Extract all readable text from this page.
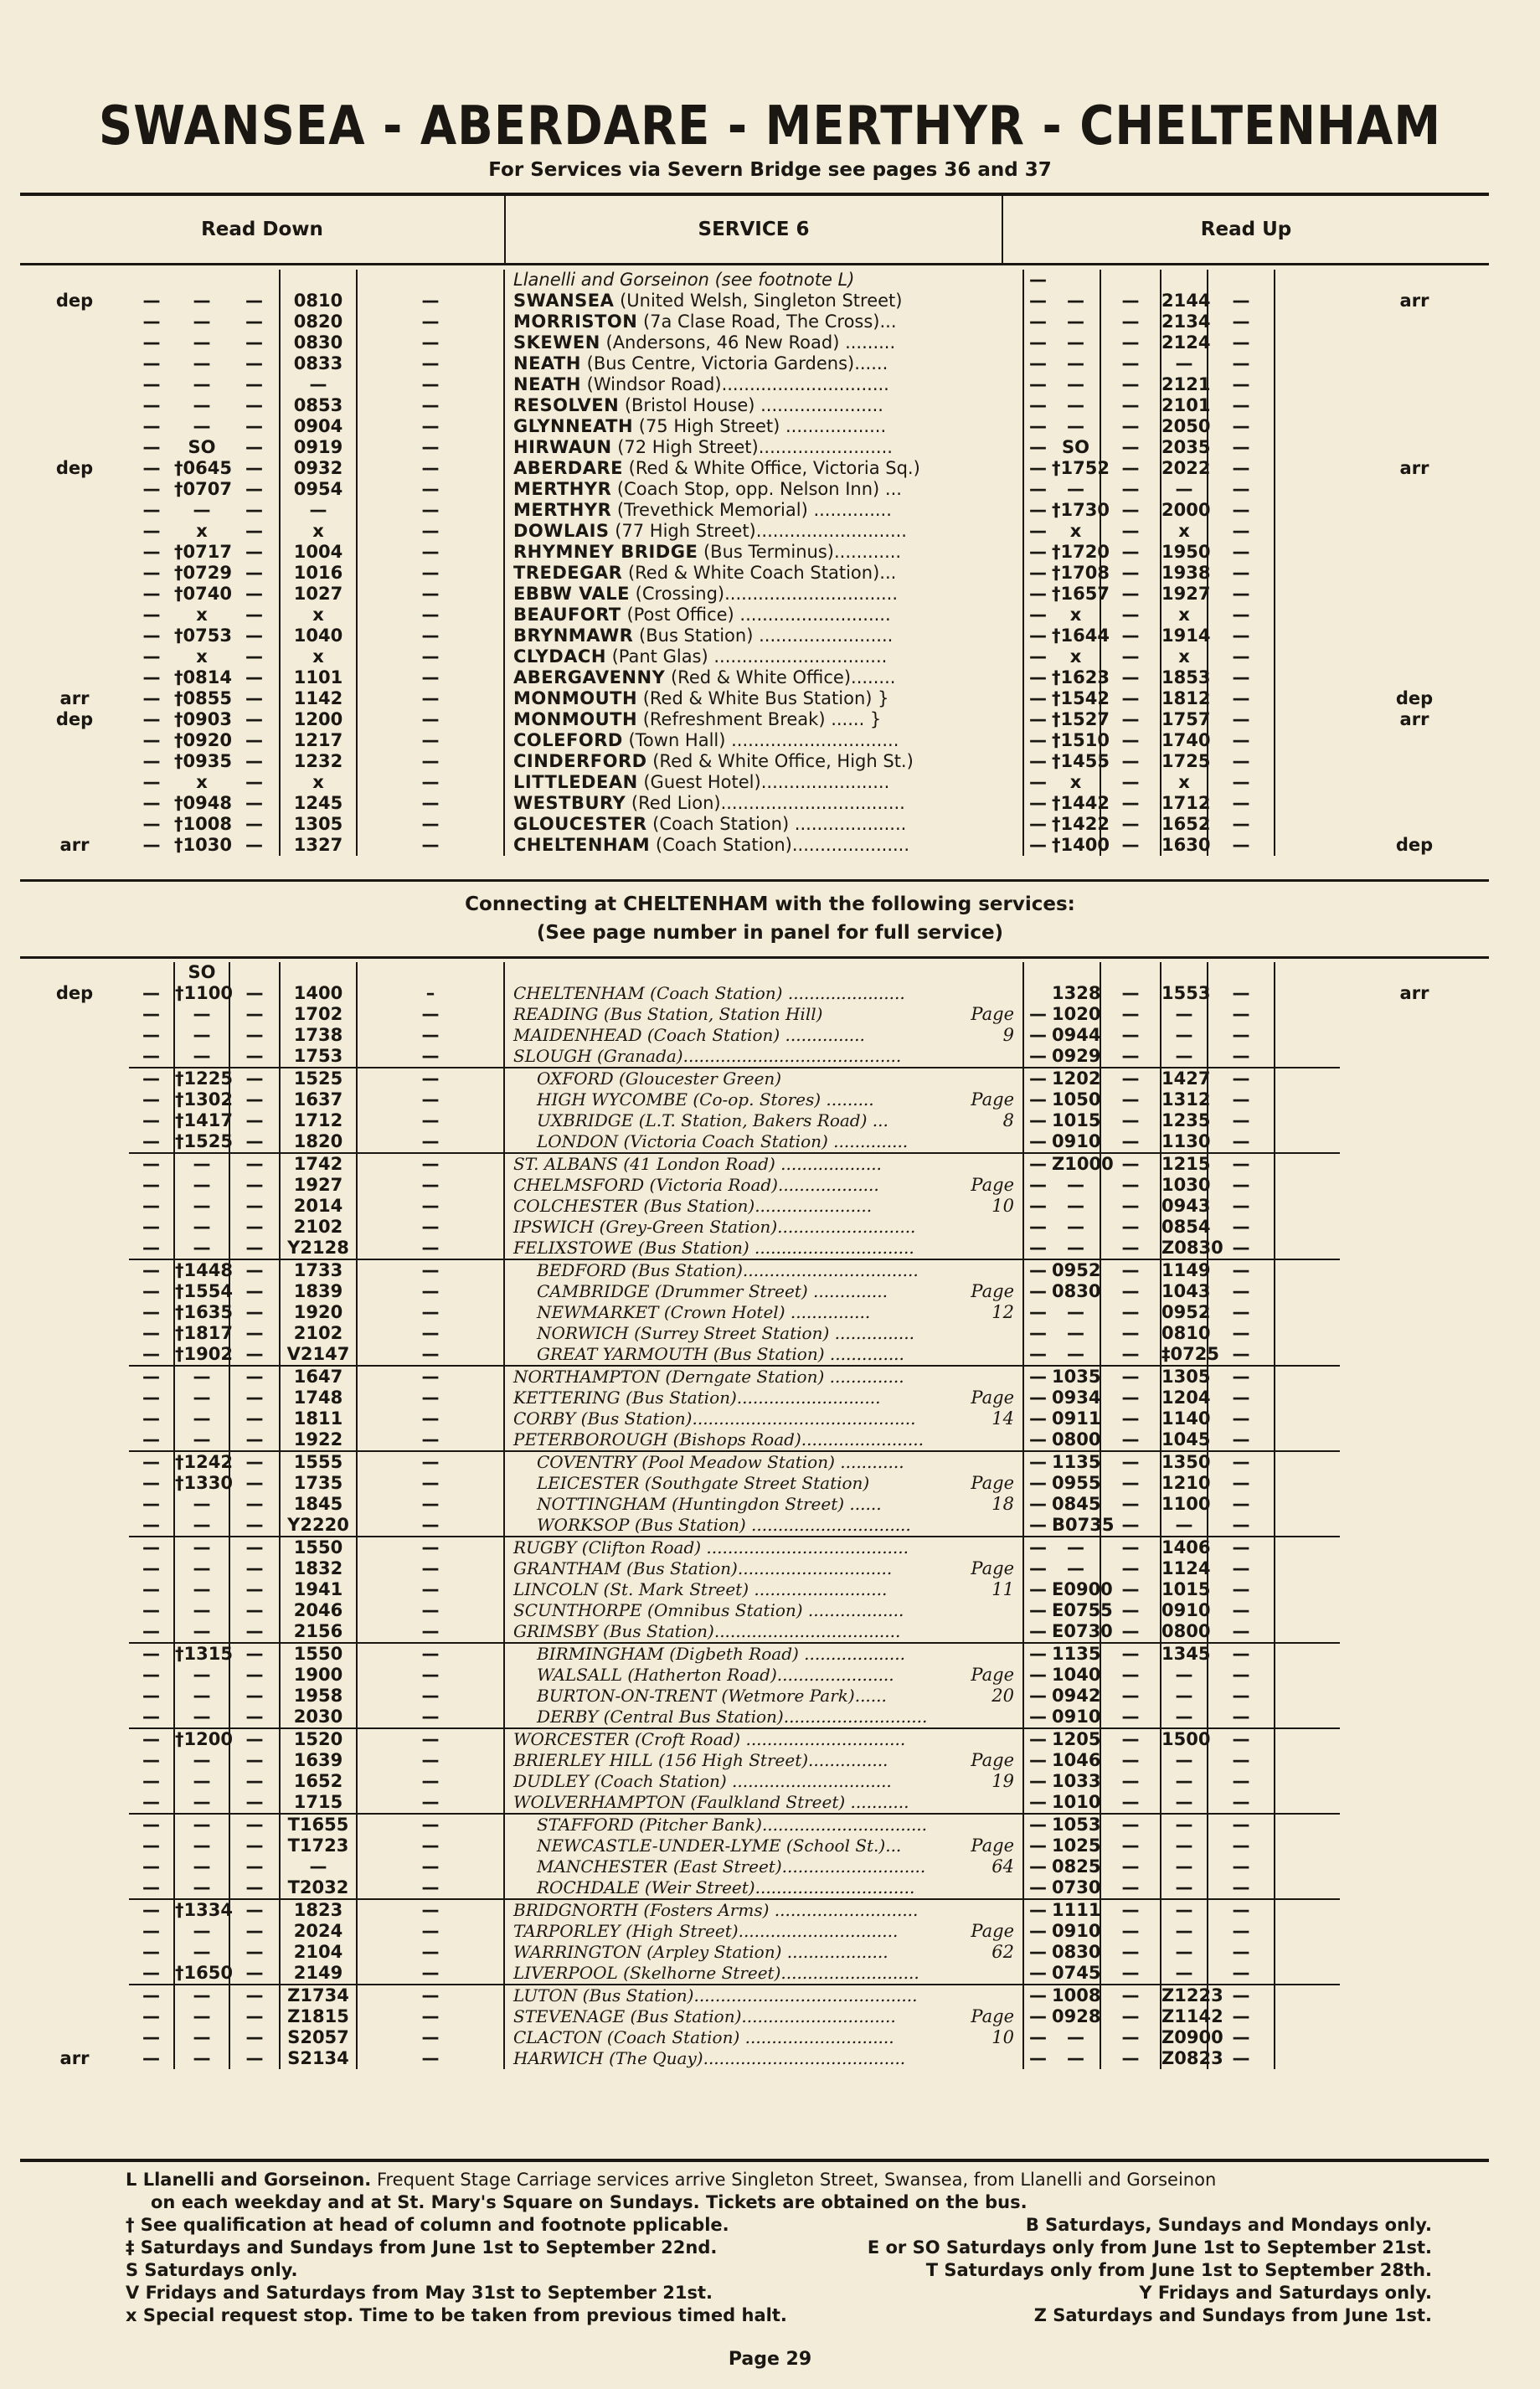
SWANSEA - ABERDARE - MERTHYR - CHELTENHAM
For Services via Severn Bridge see pages 36 and 37
Read Down	SERVICE 6	Read Up
						Llanelli and Gorseinon (see footnote L)	—						
dep	—	—	—	0810	—	SWANSEA (United Welsh, Singleton Street)	—	—	—	2144	—		arr
	—	—	—	0820	—	MORRISTON (7a Clase Road, The Cross)...	—	—	—	2134	—		
	—	—	—	0830	—	SKEWEN (Andersons, 46 New Road) .........	—	—	—	2124	—		
	—	—	—	0833	—	NEATH (Bus Centre, Victoria Gardens)......	—	—	—	—	—		
	—	—	—	—	—	NEATH (Windsor Road)..............................	—	—	—	2121	—		
	—	—	—	0853	—	RESOLVEN (Bristol House) ......................	—	—	—	2101	—		
	—	—	—	0904	—	GLYNNEATH (75 High Street) ..................	—	—	—	2050	—		
	—	SO	—	0919	—	HIRWAUN (72 High Street)........................	—	SO	—	2035	—		
dep	—	†0645	—	0932	—	ABERDARE (Red & White Office, Victoria Sq.)	—	†1752	—	2022	—		arr
	—	†0707	—	0954	—	MERTHYR (Coach Stop, opp. Nelson Inn) ...	—	—	—	—	—		
	—	—	—	—	—	MERTHYR (Trevethick Memorial) ..............	—	†1730	—	2000	—		
	—	x	—	x	—	DOWLAIS (77 High Street)...........................	—	x	—	x	—		
	—	†0717	—	1004	—	RHYMNEY BRIDGE (Bus Terminus)............	—	†1720	—	1950	—		
	—	†0729	—	1016	—	TREDEGAR (Red & White Coach Station)...	—	†1708	—	1938	—		
	—	†0740	—	1027	—	EBBW VALE (Crossing)...............................	—	†1657	—	1927	—		
	—	x	—	x	—	BEAUFORT (Post Office) ...........................	—	x	—	x	—		
	—	†0753	—	1040	—	BRYNMAWR (Bus Station) ........................	—	†1644	—	1914	—		
	—	x	—	x	—	CLYDACH (Pant Glas) ...............................	—	x	—	x	—		
	—	†0814	—	1101	—	ABERGAVENNY (Red & White Office)........	—	†1623	—	1853	—		
arr	—	†0855	—	1142	—	MONMOUTH (Red & White Bus Station) }	—	†1542	—	1812	—		dep
dep	—	†0903	—	1200	—	MONMOUTH (Refreshment Break) ...... }	—	†1527	—	1757	—		arr
	—	†0920	—	1217	—	COLEFORD (Town Hall) ..............................	—	†1510	—	1740	—		
	—	†0935	—	1232	—	CINDERFORD (Red & White Office, High St.)	—	†1455	—	1725	—		
	—	x	—	x	—	LITTLEDEAN (Guest Hotel).......................	—	x	—	x	—		
	—	†0948	—	1245	—	WESTBURY (Red Lion).................................	—	†1442	—	1712	—		
	—	†1008	—	1305	—	GLOUCESTER (Coach Station) ....................	—	†1422	—	1652	—		
arr	—	†1030	—	1327	—	CHELTENHAM (Coach Station).....................	—	†1400	—	1630	—		dep
Connecting at CHELTENHAM with the following services:
(See page number in panel for full service)
		SO												
dep	—	†1100	—	1400	–	CHELTENHAM (Coach Station) ......................			1328	—	1553	—		arr
	—	—	—	1702	—	READING (Bus Station, Station Hill)	Page	—	1020	—	—	—		
	—	—	—	1738	—	MAIDENHEAD (Coach Station) ...............	9	—	0944	—	—	—		
	—	—	—	1753	—	SLOUGH (Granada).........................................		—	0929	—	—	—		
	—	†1225	—	1525	—	OXFORD (Gloucester Green)		—	1202	—	1427	—		
	—	†1302	—	1637	—	HIGH WYCOMBE (Co-op. Stores) .........	Page	—	1050	—	1312	—		
	—	†1417	—	1712	—	UXBRIDGE (L.T. Station, Bakers Road) ...	8	—	1015	—	1235	—		
	—	†1525	—	1820	—	LONDON (Victoria Coach Station) ..............		—	0910	—	1130	—		
	—	—	—	1742	—	ST. ALBANS (41 London Road) ...................		—	Z1000	—	1215	—		
	—	—	—	1927	—	CHELMSFORD (Victoria Road)...................	Page	—	—	—	1030	—		
	—	—	—	2014	—	COLCHESTER (Bus Station)......................	10	—	—	—	0943	—		
	—	—	—	2102	—	IPSWICH (Grey-Green Station)..........................		—	—	—	0854	—		
	—	—	—	Y2128	—	FELIXSTOWE (Bus Station) ..............................		—	—	—	Z0830	—		
	—	†1448	—	1733	—	BEDFORD (Bus Station).................................		—	0952	—	1149	—		
	—	†1554	—	1839	—	CAMBRIDGE (Drummer Street) ..............	Page	—	0830	—	1043	—		
	—	†1635	—	1920	—	NEWMARKET (Crown Hotel) ...............	12	—	—	—	0952	—		
	—	†1817	—	2102	—	NORWICH (Surrey Street Station) ...............		—	—	—	0810	—		
	—	†1902	—	V2147	—	GREAT YARMOUTH (Bus Station) ..............		—	—	—	‡0725	—		
	—	—	—	1647	—	NORTHAMPTON (Derngate Station) ..............		—	1035	—	1305	—		
	—	—	—	1748	—	KETTERING (Bus Station)...........................	Page	—	0934	—	1204	—		
	—	—	—	1811	—	CORBY (Bus Station)..........................................	14	—	0911	—	1140	—		
	—	—	—	1922	—	PETERBOROUGH (Bishops Road).......................		—	0800	—	1045	—		
	—	†1242	—	1555	—	COVENTRY (Pool Meadow Station) ............		—	1135	—	1350	—		
	—	†1330	—	1735	—	LEICESTER (Southgate Street Station)	Page	—	0955	—	1210	—		
	—	—	—	1845	—	NOTTINGHAM (Huntingdon Street) ......	18	—	0845	—	1100	—		
	—	—	—	Y2220	—	WORKSOP (Bus Station) ..............................		—	B0735	—	—	—		
	—	—	—	1550	—	RUGBY (Clifton Road) ......................................		—	—	—	1406	—		
	—	—	—	1832	—	GRANTHAM (Bus Station).............................	Page	—	—	—	1124	—		
	—	—	—	1941	—	LINCOLN (St. Mark Street) .........................	11	—	E0900	—	1015	—		
	—	—	—	2046	—	SCUNTHORPE (Omnibus Station) ..................		—	E0755	—	0910	—		
	—	—	—	2156	—	GRIMSBY (Bus Station)...................................		—	E0730	—	0800	—		
	—	†1315	—	1550	—	BIRMINGHAM (Digbeth Road) ...................		—	1135	—	1345	—		
	—	—	—	1900	—	WALSALL (Hatherton Road)......................	Page	—	1040	—	—	—		
	—	—	—	1958	—	BURTON-ON-TRENT (Wetmore Park)......	20	—	0942	—	—	—		
	—	—	—	2030	—	DERBY (Central Bus Station)...........................		—	0910	—	—	—		
	—	†1200	—	1520	—	WORCESTER (Croft Road) ..............................		—	1205	—	1500	—		
	—	—	—	1639	—	BRIERLEY HILL (156 High Street)...............	Page	—	1046	—	—	—		
	—	—	—	1652	—	DUDLEY (Coach Station) ..............................	19	—	1033	—	—	—		
	—	—	—	1715	—	WOLVERHAMPTON (Faulkland Street) ...........		—	1010	—	—	—		
	—	—	—	T1655	—	STAFFORD (Pitcher Bank)...............................		—	1053	—	—	—		
	—	—	—	T1723	—	NEWCASTLE-UNDER-LYME (School St.)...	Page	—	1025	—	—	—		
	—	—	—	—	—	MANCHESTER (East Street)...........................	64	—	0825	—	—	—		
	—	—	—	T2032	—	ROCHDALE (Weir Street)..............................		—	0730	—	—	—		
	—	†1334	—	1823	—	BRIDGNORTH (Fosters Arms) ...........................		—	1111	—	—	—		
	—	—	—	2024	—	TARPORLEY (High Street)..............................	Page	—	0910	—	—	—		
	—	—	—	2104	—	WARRINGTON (Arpley Station) ...................	62	—	0830	—	—	—		
	—	†1650	—	2149	—	LIVERPOOL (Skelhorne Street)..........................		—	0745	—	—	—		
	—	—	—	Z1734	—	LUTON (Bus Station)..........................................		—	1008	—	Z1223	—		
	—	—	—	Z1815	—	STEVENAGE (Bus Station).............................	Page	—	0928	—	Z1142	—		
	—	—	—	S2057	—	CLACTON (Coach Station) ............................	10	—	—	—	Z0900	—		
arr	—	—	—	S2134	—	HARWICH (The Quay)......................................		—	—	—	Z0823	—		
L Llanelli and Gorseinon. Frequent Stage Carriage services arrive Singleton Street, Swansea, from Llanelli and Gorseinon
on each weekday and at St. Mary's Square on Sundays. Tickets are obtained on the bus.
† See qualification at head of column and footnote pplicable.	B Saturdays, Sundays and Mondays only.
‡ Saturdays and Sundays from June 1st to September 22nd.	E or SO Saturdays only from June 1st to September 21st.
S Saturdays only.	T Saturdays only from June 1st to September 28th.
V Fridays and Saturdays from May 31st to September 21st.	Y Fridays and Saturdays only.
x Special request stop. Time to be taken from previous timed halt.	Z Saturdays and Sundays from June 1st.
Page 29
